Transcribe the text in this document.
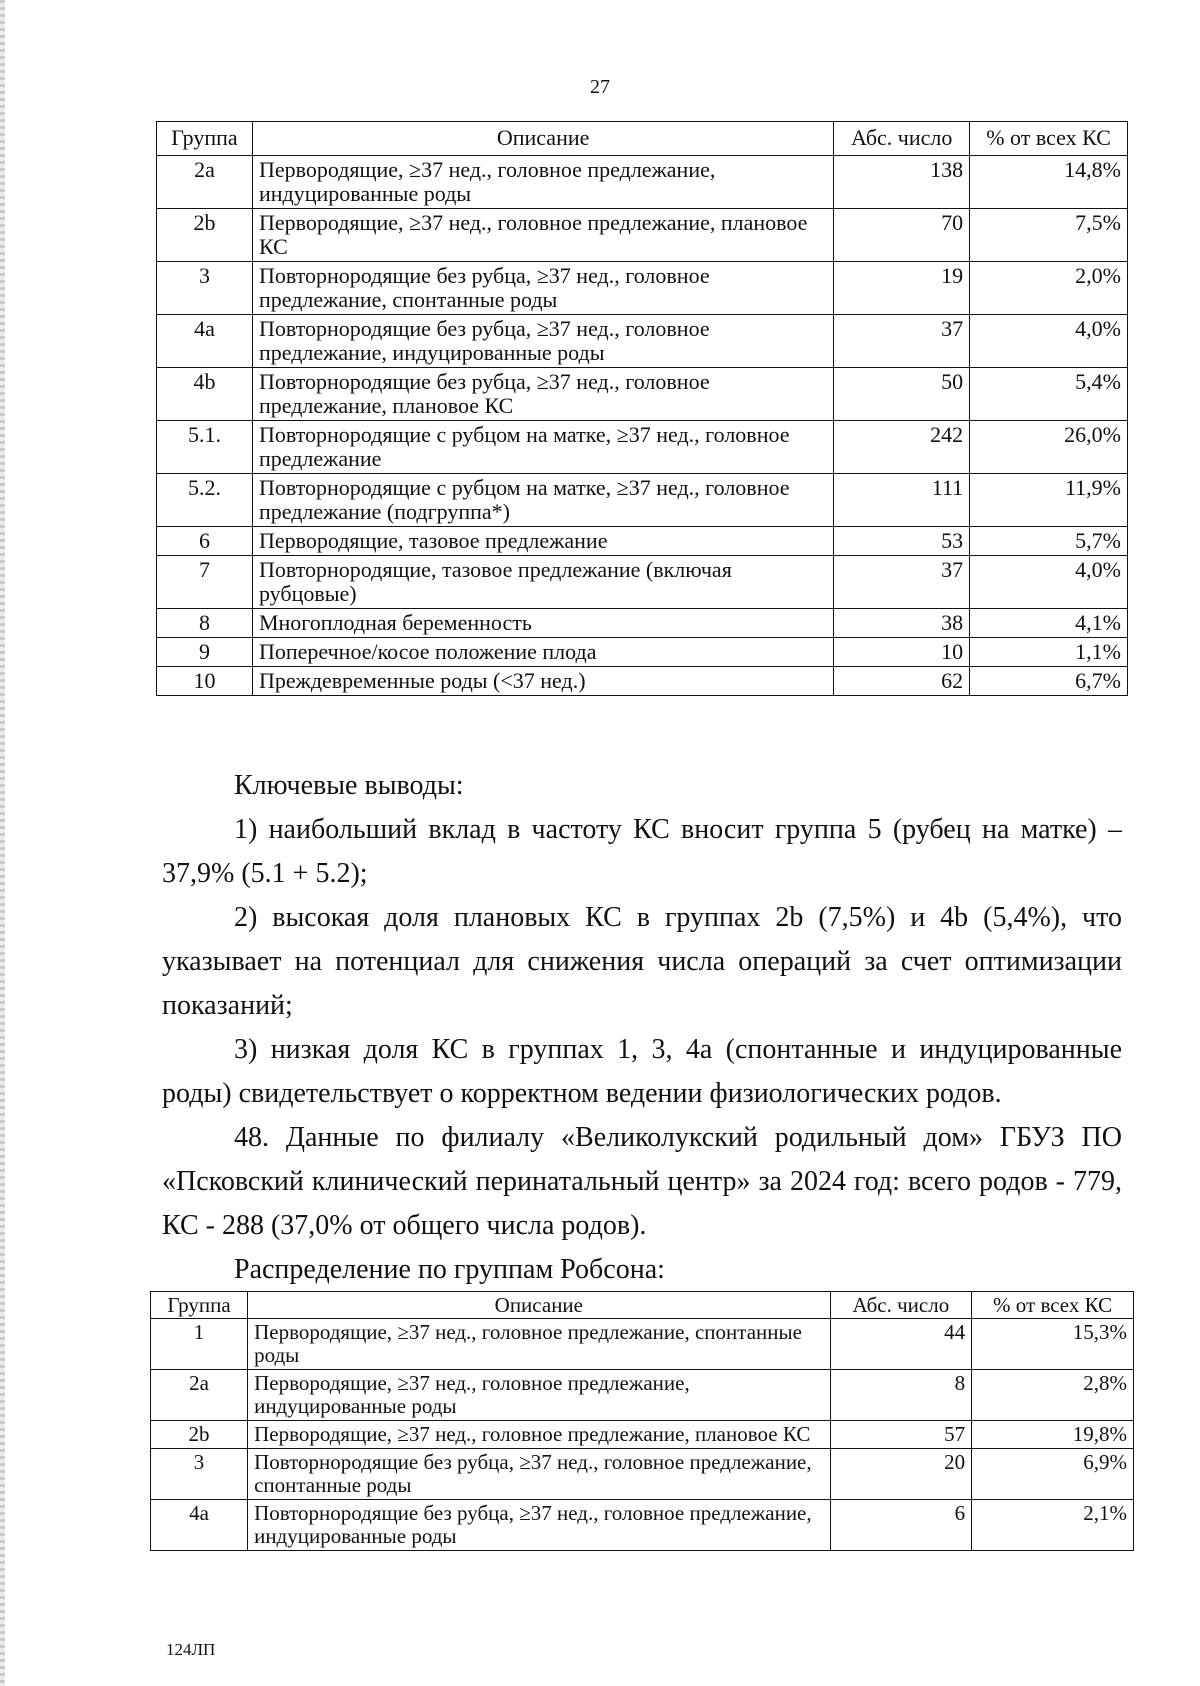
27
Группа	Описание	Абс. число	% от всех КС
2a	Первородящие, ≥37 нед., головное предлежание, индуцированные роды	138	14,8%
2b	Первородящие, ≥37 нед., головное предлежание, плановое КС	70	7,5%
3	Повторнородящие без рубца, ≥37 нед., головное предлежание, спонтанные роды	19	2,0%
4a	Повторнородящие без рубца, ≥37 нед., головное предлежание, индуцированные роды	37	4,0%
4b	Повторнородящие без рубца, ≥37 нед., головное предлежание, плановое КС	50	5,4%
5.1.	Повторнородящие с рубцом на матке, ≥37 нед., головное предлежание	242	26,0%
5.2.	Повторнородящие с рубцом на матке, ≥37 нед., головное предлежание (подгруппа*)	111	11,9%
6	Первородящие, тазовое предлежание	53	5,7%
7	Повторнородящие, тазовое предлежание (включая рубцовые)	37	4,0%
8	Многоплодная беременность	38	4,1%
9	Поперечное/косое положение плода	10	1,1%
10	Преждевременные роды (<37 нед.)	62	6,7%

Ключевые выводы:

1) наибольший вклад в частоту КС вносит группа 5 (рубец на матке) – 37,9% (5.1 + 5.2);

2) высокая доля плановых КС в группах 2b (7,5%) и 4b (5,4%), что указывает на потенциал для снижения числа операций за счет оптимизации показаний;

3) низкая доля КС в группах 1, 3, 4a (спонтанные и индуцированные роды) свидетельствует о корректном ведении физиологических родов.

48. Данные по филиалу «Великолукский родильный дом» ГБУЗ ПО «Псковский клинический перинатальный центр» за 2024 год: всего родов - 779, КС - 288 (37,0% от общего числа родов).

Распределение по группам Робсона:

Группа	Описание	Абс. число	% от всех КС
1	Первородящие, ≥37 нед., головное предлежание, спонтанные роды	44	15,3%
2a	Первородящие, ≥37 нед., головное предлежание, индуцированные роды	8	2,8%
2b	Первородящие, ≥37 нед., головное предлежание, плановое КС	57	19,8%
3	Повторнородящие без рубца, ≥37 нед., головное предлежание, спонтанные роды	20	6,9%
4a	Повторнородящие без рубца, ≥37 нед., головное предлежание, индуцированные роды	6	2,1%
124ЛП
